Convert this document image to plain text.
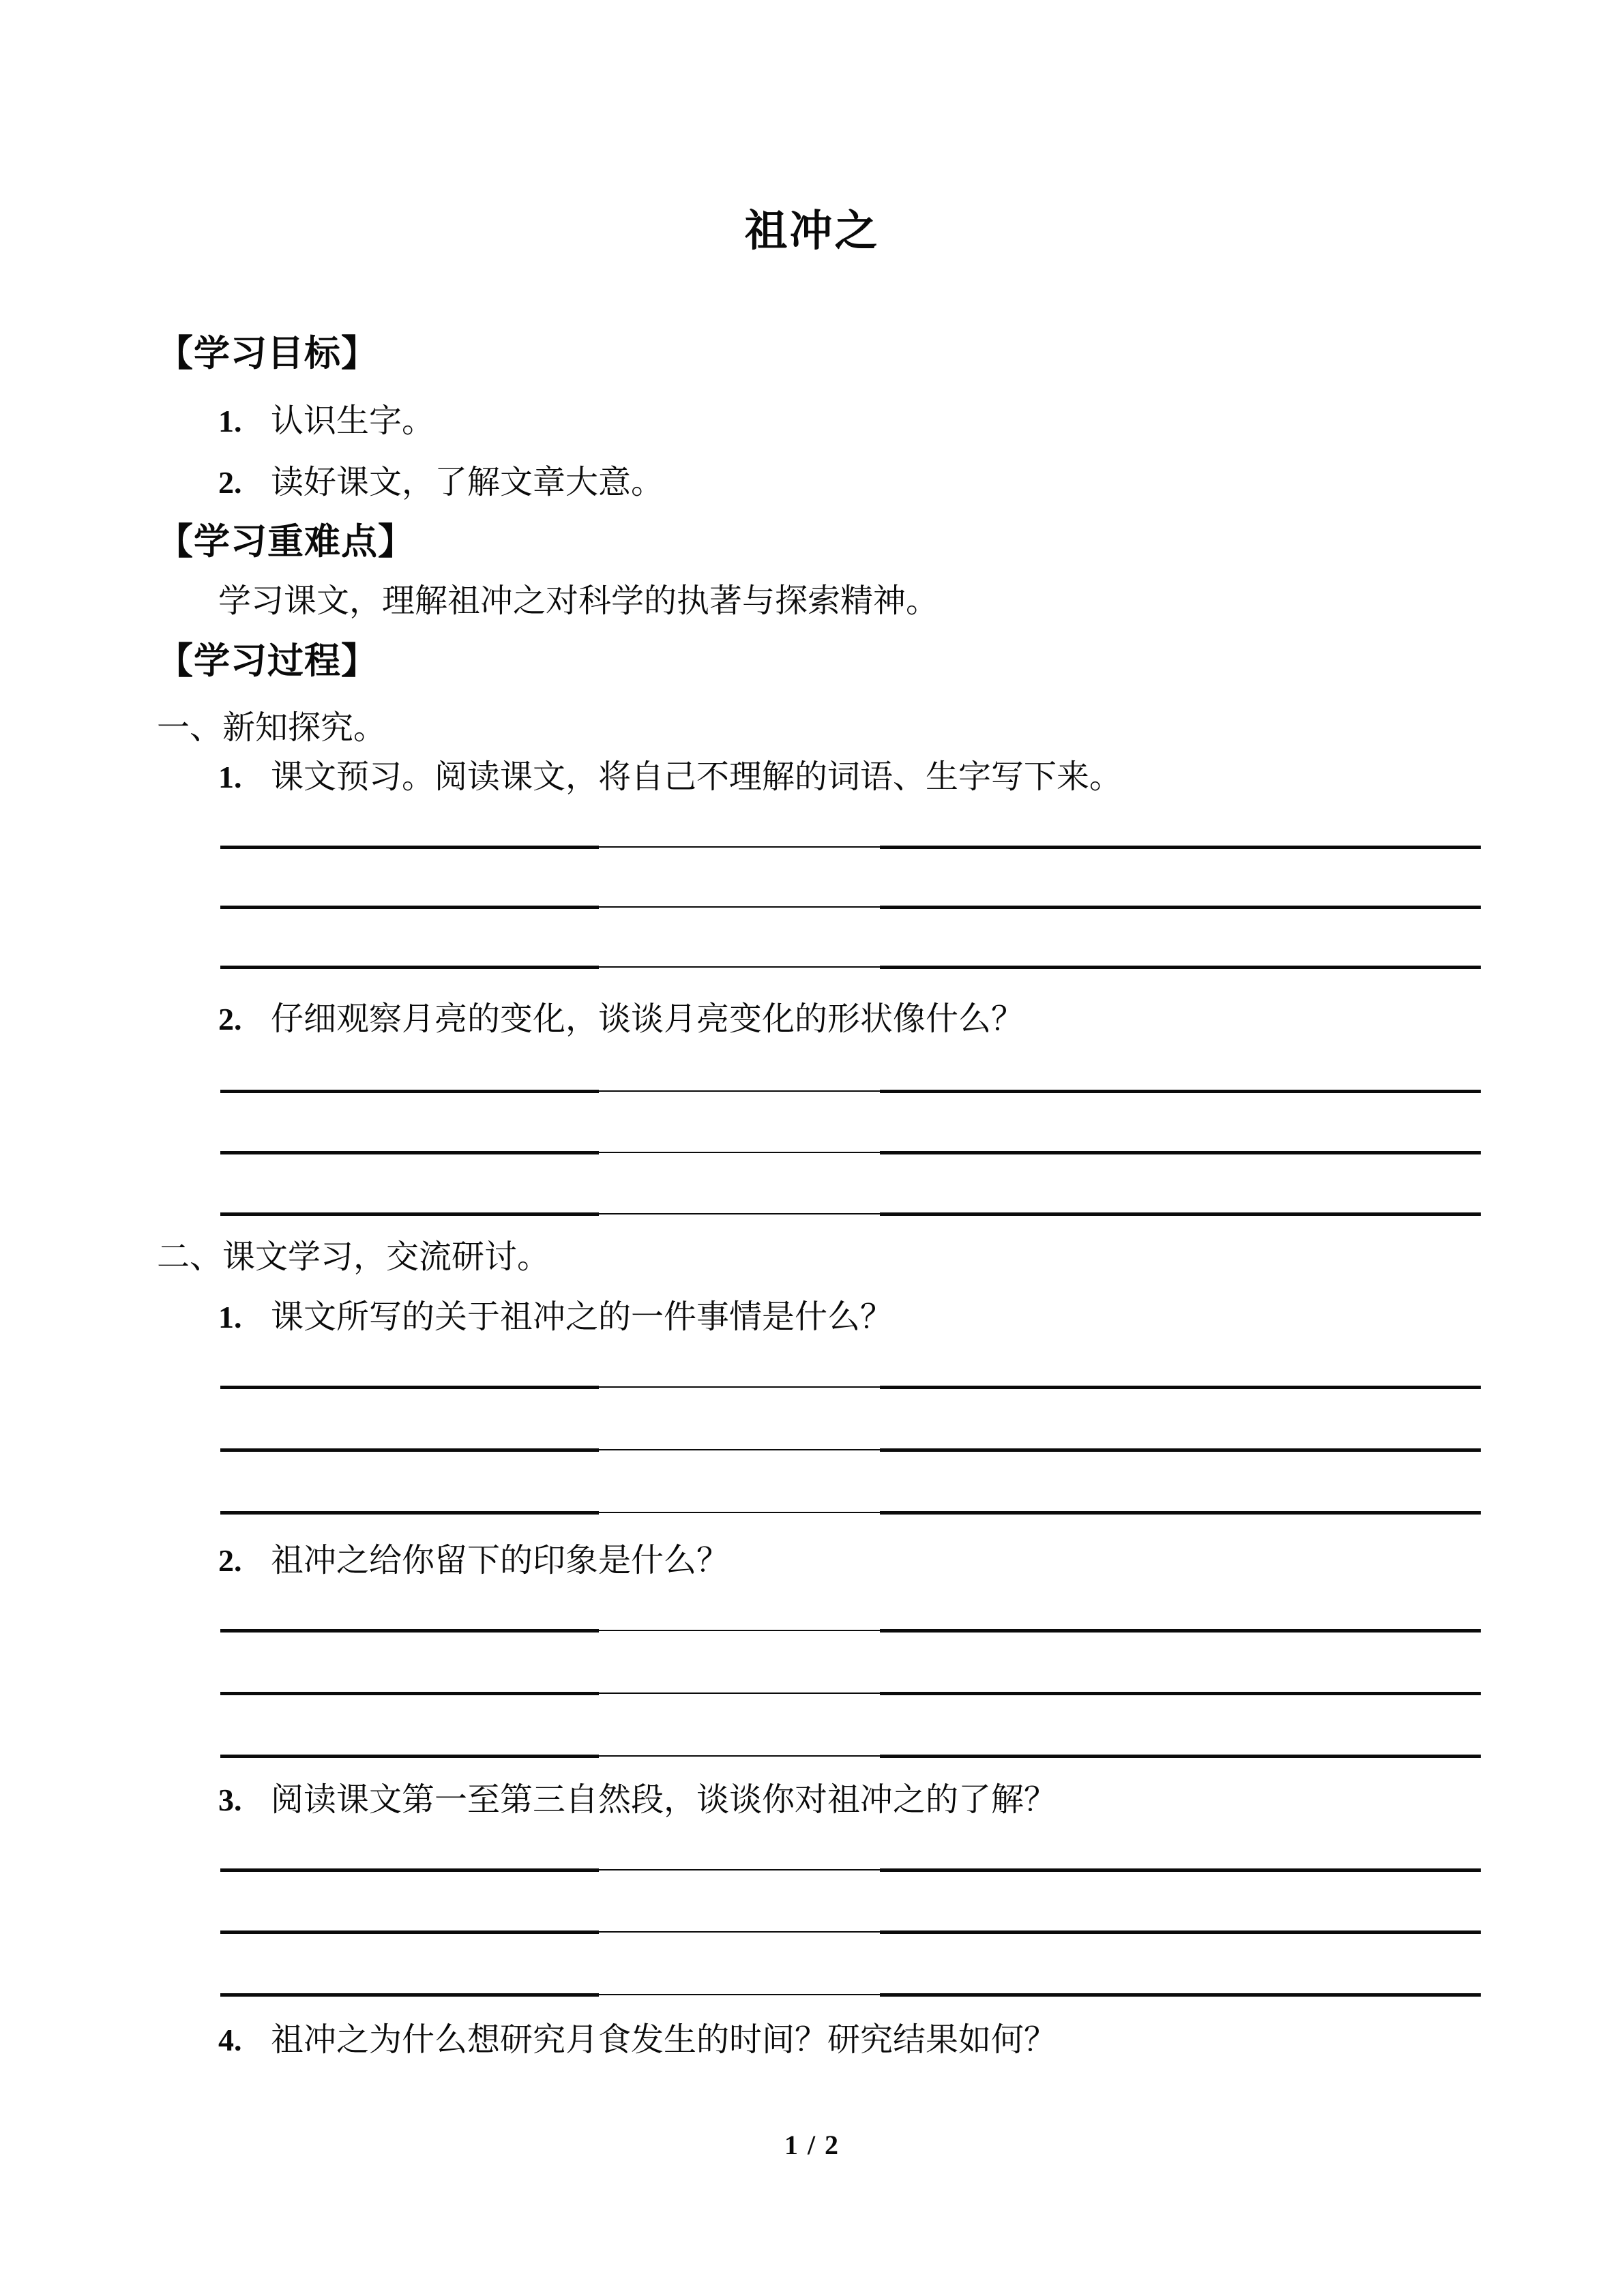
祖冲之
【学习目标】
1. 认识生字。
2. 读好课文，了解文章大意。
【学习重难点】
学习课文，理解祖冲之对科学的执著与探索精神。
【学习过程】
一、新知探究。
1. 课文预习。阅读课文，将自己不理解的词语、生字写下来。
2. 仔细观察月亮的变化，谈谈月亮变化的形状像什么？
二、课文学习，交流研讨。
1. 课文所写的关于祖冲之的一件事情是什么？
2. 祖冲之给你留下的印象是什么？
3. 阅读课文第一至第三自然段，谈谈你对祖冲之的了解？
4. 祖冲之为什么想研究月食发生的时间？研究结果如何？
1 / 2
